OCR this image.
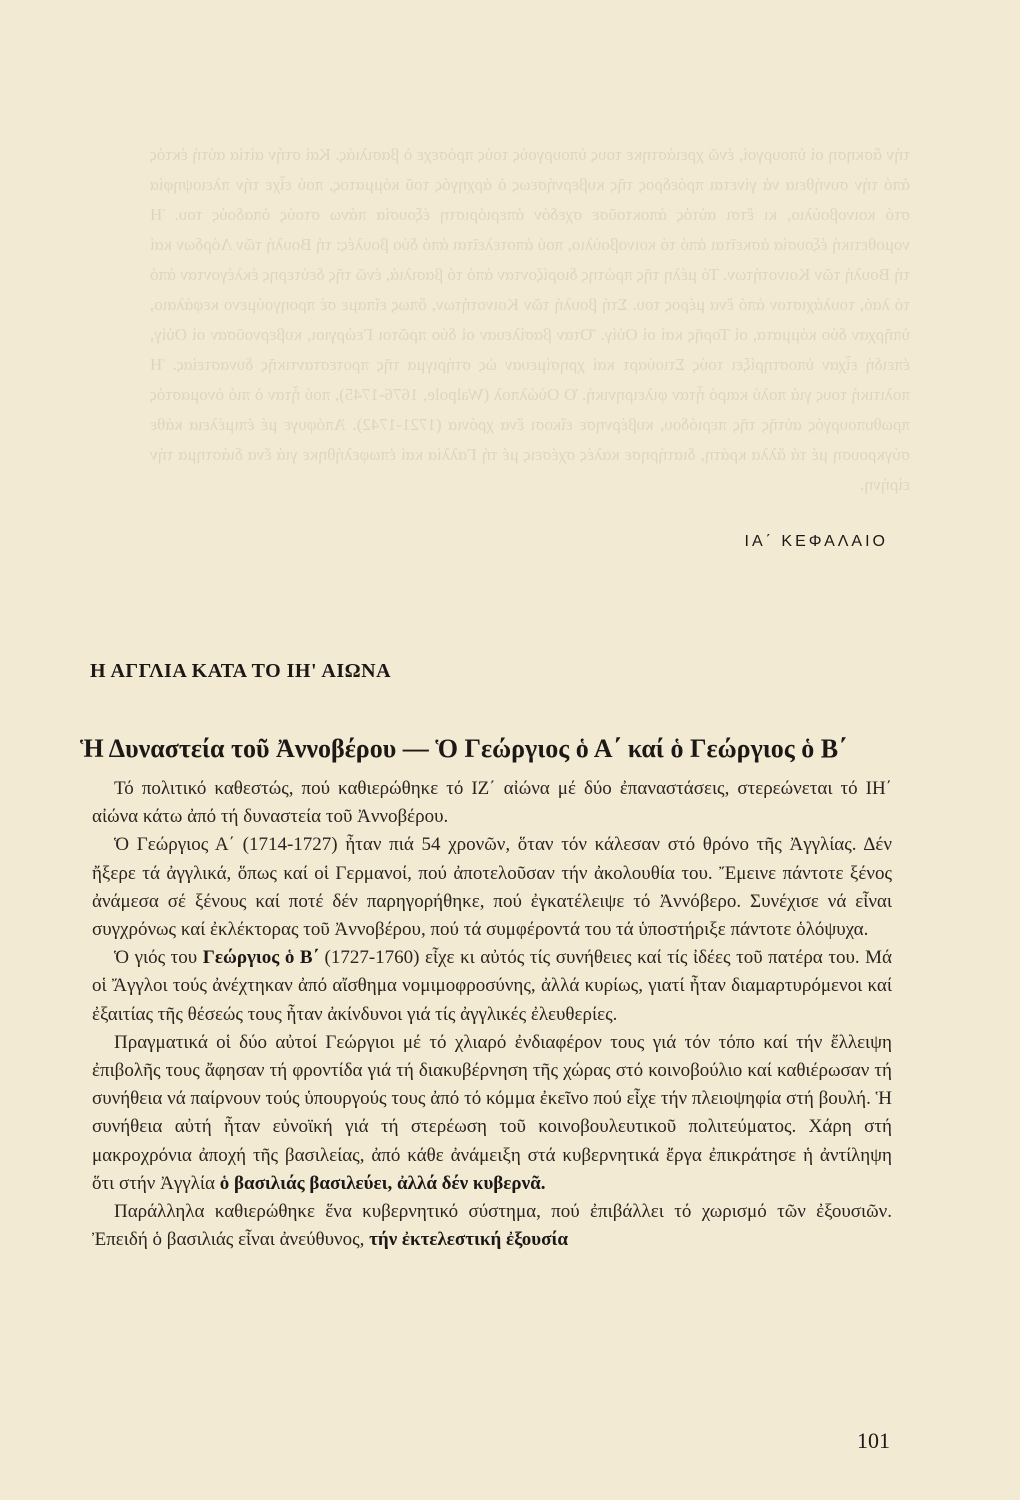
τήν ἄσκηση οἱ ὑπουργοί, ἐνῶ χρειάστηκε τους ὑπουργούς τούς πρόσεχε ὁ βασιλιάς. Καί στήν αἰτία αὐτή ἐκτός ἀπό τήν συνήθεια νά γίνεται πρόεδρος τῆς κυβερνήσεως ὁ ἀρχηγός τοῦ κόμματος, πού εἶχε τήν πλειοψηφία στό κοινοβούλιο, κι ἔτσι αὐτός ἀποκτοῦσε σχεδόν ἀπεριόριστη ἐξουσία πάνω στούς ὀπαδούς του. Ἡ νομοθετική ἐξουσία ἀσκεῖται ἀπό τό κοινοβούλιο, πού ἀποτελεῖται ἀπό δύο βουλές: τή Βουλή τῶν Λόρδων καί τή Βουλή τῶν Κοινοτήτων. Τό μέλη τῆς πρώτης διορίζονταν ἀπό τό βασιλιά, ἐνῶ τῆς δεύτερης ἐκλέγονταν ἀπό τό λαό, τουλάχιστον ἀπό ἕνα μέρος του. Στή βουλή τῶν Κοινοτήτων, ὅπως εἴπαμε σέ προηγούμενο κεφάλαιο, ὑπῆρχαν δύο κόμματα, οἱ Τορῆς καί οἱ Οὐίγ. Ὅταν βασίλευαν οἱ δύο πρῶτοι Γεώργιοι, κυβερνοῦσαν οἱ Οὐίγ, ἐπειδή εἶχαν ὑποστηρίξει τούς Στιούαρτ καί χρησίμευαν ὡς στήριγμα τῆς προτεσταντικῆς δυναστείας. Ἡ πολιτική τους γιά πολύ καιρό ἦταν φιλειρηνική. Ὁ Οὐώλπολ (Walpole, 1676-1745), πού ἦταν ὁ πιό ὀνομαστός πρωθυπουργός αὐτῆς τῆς περιόδου, κυβέρνησε εἴκοσι ἕνα χρόνια (1721-1742). Ἀπόφυγε μέ ἐπιμέλεια κάθε σύγκρουση μέ τά ἄλλα κράτη, διατήρησε καλές σχέσεις μέ τή Γαλλία καί ἐπωφελήθηκε γιά ἕνα διάστημα τήν εἰρήνη.
ΙΑ΄ ΚΕΦΑΛΑΙΟ
Η ΑΓΓΛΙΑ ΚΑΤΑ ΤΟ ΙΗ' ΑΙΩΝΑ
Ἡ Δυναστεία τοῦ Ἀννοβέρου — Ὁ Γεώργιος ὁ Α΄ καί ὁ Γεώργιος ὁ Β΄

Τό πολιτικό καθεστώς, πού καθιερώθηκε τό ΙΖ΄ αἰώνα μέ δύο ἐπαναστάσεις, στερεώνεται τό ΙΗ΄ αἰώνα κάτω ἀπό τή δυναστεία τοῦ Ἀννοβέρου.

Ὁ Γεώργιος Α΄ (1714-1727) ἦταν πιά 54 χρονῶν, ὅταν τόν κάλεσαν στό θρόνο τῆς Ἀγγλίας. Δέν ἤξερε τά ἀγγλικά, ὅπως καί οἱ Γερμανοί, πού ἀποτελοῦσαν τήν ἀκολουθία του. Ἔμεινε πάντοτε ξένος ἀνάμεσα σέ ξένους καί ποτέ δέν παρηγορήθηκε, πού ἐγκατέλειψε τό Ἀννόβερο. Συνέχισε νά εἶναι συγχρόνως καί ἐκλέκτορας τοῦ Ἀννοβέρου, πού τά συμφέροντά του τά ὑποστήριξε πάντοτε ὁλόψυχα.

Ὁ γιός του Γεώργιος ὁ Β΄ (1727-1760) εἶχε κι αὐτός τίς συνήθειες καί τίς ἰδέες τοῦ πατέρα του. Μά οἱ Ἄγγλοι τούς ἀνέχτηκαν ἀπό αἴσθημα νομιμοφροσύνης, ἀλλά κυρίως, γιατί ἦταν διαμαρτυρόμενοι καί ἐξαιτίας τῆς θέσεώς τους ἦταν ἀκίνδυνοι γιά τίς ἀγγλικές ἐλευθερίες.

Πραγματικά οἱ δύο αὐτοί Γεώργιοι μέ τό χλιαρό ἐνδιαφέρον τους γιά τόν τόπο καί τήν ἔλλειψη ἐπιβολῆς τους ἄφησαν τή φροντίδα γιά τή διακυβέρνηση τῆς χώρας στό κοινοβούλιο καί καθιέρωσαν τή συνήθεια νά παίρνουν τούς ὑπουργούς τους ἀπό τό κόμμα ἐκεῖνο πού εἶχε τήν πλειοψηφία στή βουλή. Ἡ συνήθεια αὐτή ἦταν εὐνοϊκή γιά τή στερέωση τοῦ κοινοβουλευτικοῦ πολιτεύματος. Χάρη στή μακροχρόνια ἀποχή τῆς βασιλείας, ἀπό κάθε ἀνάμειξη στά κυβερνητικά ἔργα ἐπικράτησε ἡ ἀντίληψη ὅτι στήν Ἀγγλία ὁ βασιλιάς βασιλεύει, ἀλλά δέν κυβερνᾶ.

Παράλληλα καθιερώθηκε ἕνα κυβερνητικό σύστημα, πού ἐπιβάλλει τό χωρισμό τῶν ἐξουσιῶν. Ἐπειδή ὁ βασιλιάς εἶναι ἀνεύθυνος, τήν ἐκτελεστική ἐξουσία

101
